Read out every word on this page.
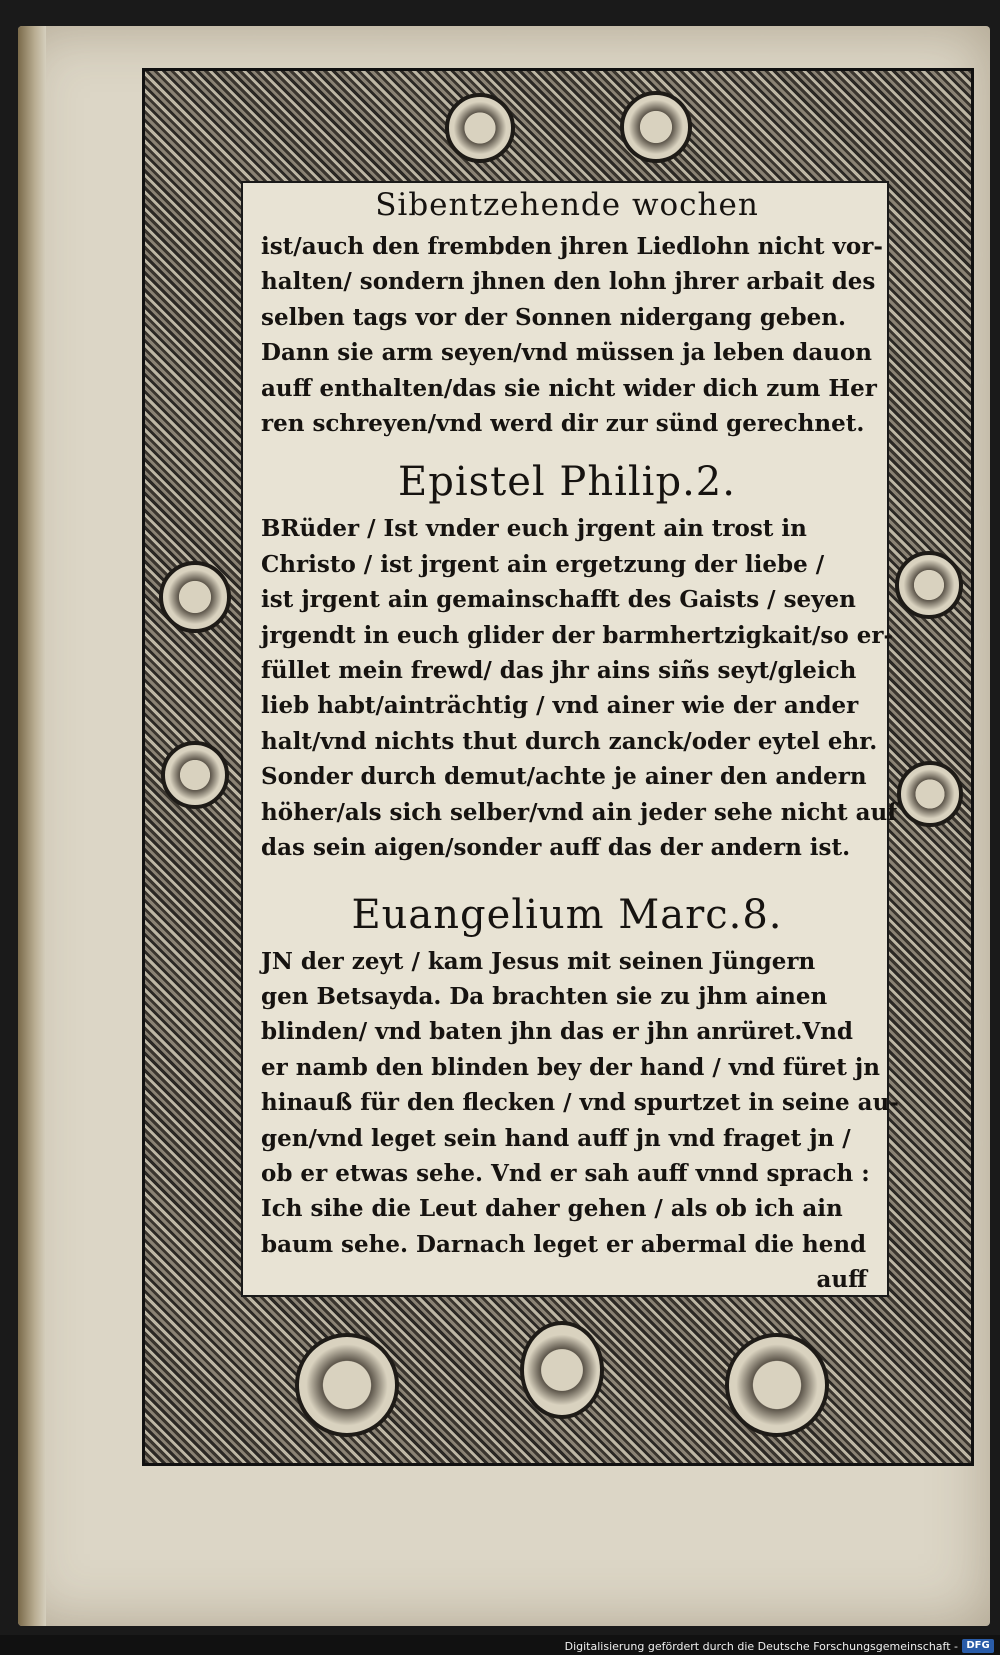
Sibentzehende wochen

ist/auch den frembden jhren Liedlohn nicht vor-
halten/ sondern jhnen den lohn jhrer arbait des
selben tags vor der Sonnen nidergang geben.
Dann sie arm seyen/vnd müssen ja leben dauon
auff enthalten/das sie nicht wider dich zum Her
ren schreyen/vnd werd dir zur sünd gerechnet.

Epistel Philip.2.

BRüder / Ist vnder euch jrgent ain trost in
Christo / ist jrgent ain ergetzung der liebe /
ist jrgent ain gemainschafft des Gaists / seyen
jrgendt in euch glider der barmhertzigkait/so er-
füllet mein frewd/ das jhr ains siñs seyt/gleich
lieb habt/ainträchtig / vnd ainer wie der ander
halt/vnd nichts thut durch zanck/oder eytel ehr.
Sonder durch demut/achte je ainer den andern
höher/als sich selber/vnd ain jeder sehe nicht auf
das sein aigen/sonder auff das der andern ist.

Euangelium Marc.8.

JN der zeyt / kam Jesus mit seinen Jüngern
gen Betsayda. Da brachten sie zu jhm ainen
blinden/ vnd baten jhn das er jhn anrüret.Vnd
er namb den blinden bey der hand / vnd füret jn
hinauß für den flecken / vnd spurtzet in seine au-
gen/vnd leget sein hand auff jn vnd fraget jn /
ob er etwas sehe. Vnd er sah auff vnnd sprach :
Ich sihe die Leut daher gehen / als ob ich ain
baum sehe. Darnach leget er abermal die hend

auff
Digitalisierung gefördert durch die Deutsche Forschungsgemeinschaft - DFG
